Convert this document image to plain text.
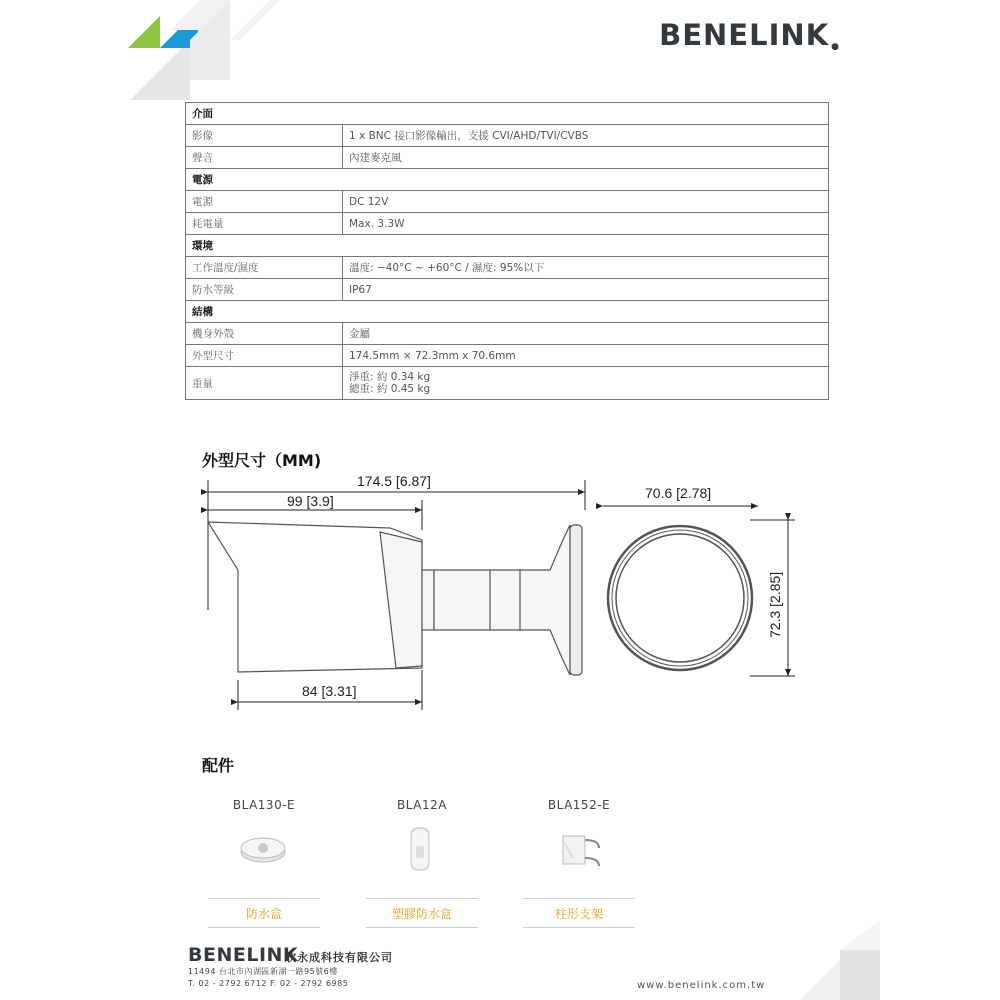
BENELINK ●
介面	
影像	1 x BNC 接口影像輸出，支援 CVI/AHD/TVI/CVBS
聲音	內建麥克風
電源	
電源	DC 12V
耗電量	Max. 3.3W
環境	
工作溫度/濕度	溫度: −40°C ~ +60°C / 濕度: 95%以下
防水等級	IP67
結構	
機身外殼	金屬
外型尺寸	174.5mm × 72.3mm x 70.6mm
重量	淨重: 約 0.34 kg
總重: 約 0.45 kg
外型尺寸（MM)
174.5 [6.87]
99 [3.9]
84 [3.31]
70.6 [2.78]
72.3 [2.85]
配件
BLA130-E	BLA12A	BLA152-E
防水盒	塑膠防水盒	柱形支架
BENELINK
欣永成科技有限公司
11494 台北市內湖區新湖一路95號6樓
T. 02 - 2792 6712 F. 02 - 2792 6985	www.benelink.com.tw
